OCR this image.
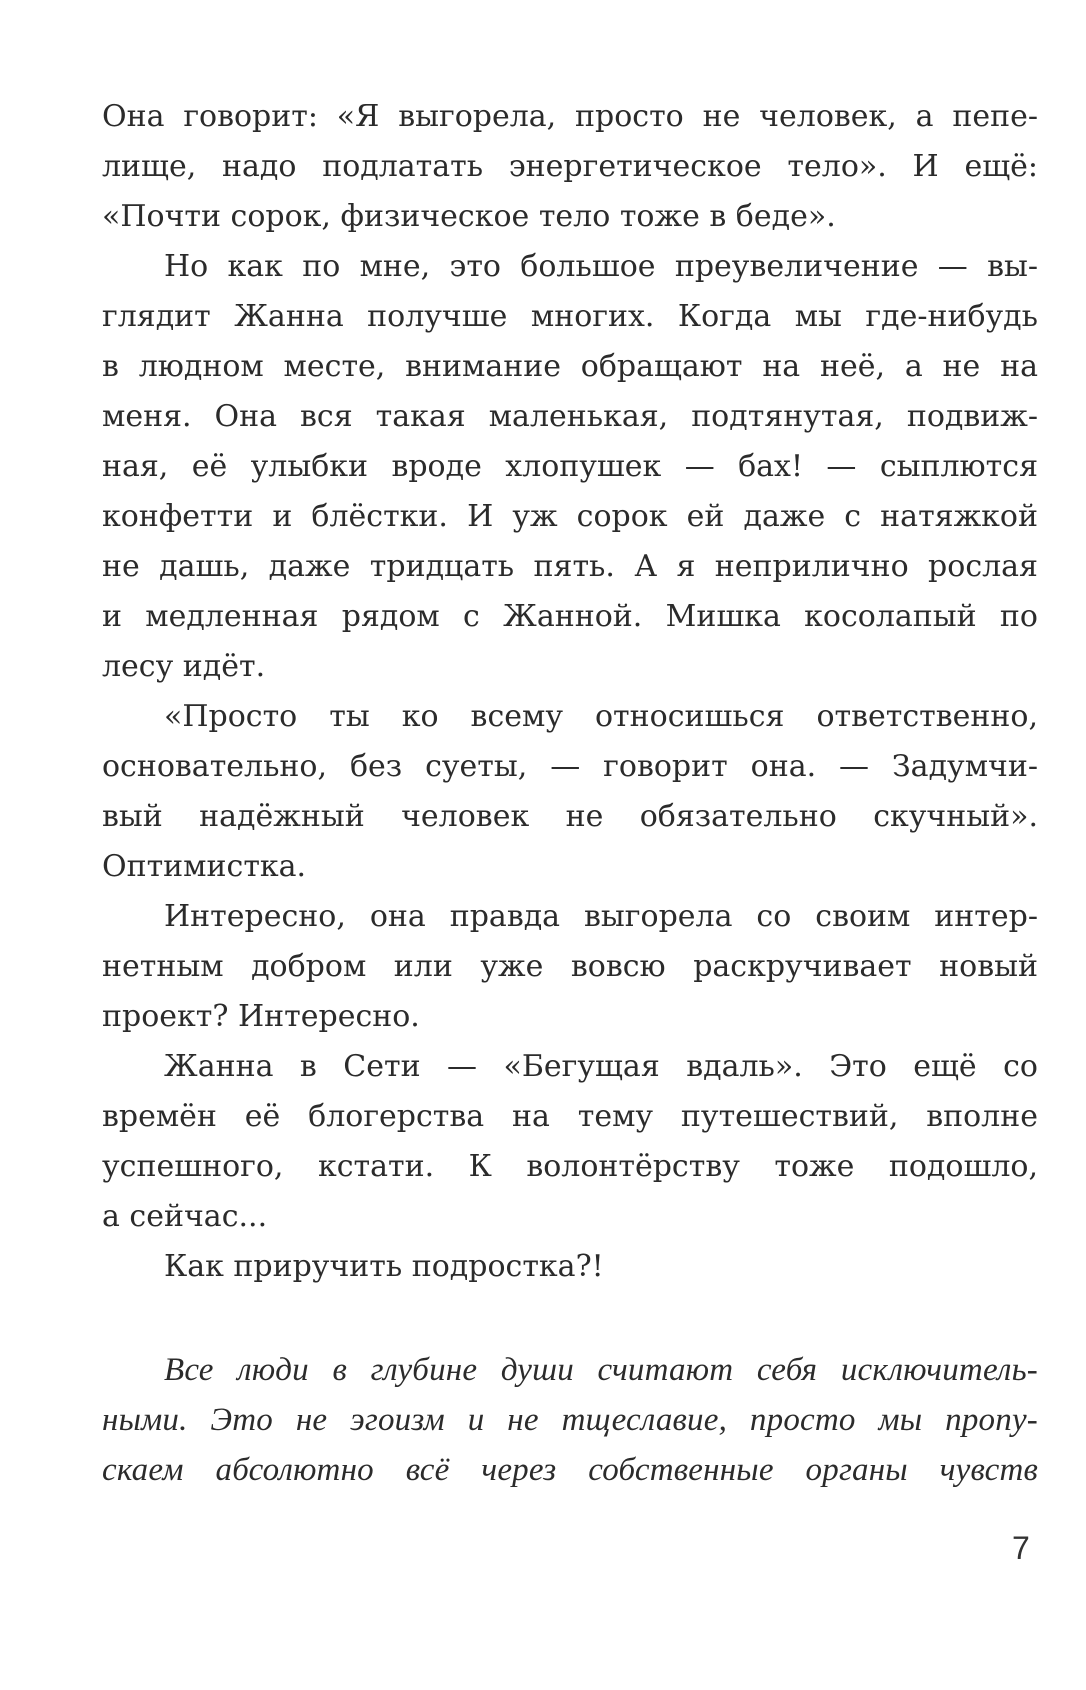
Она говорит: «Я выгорела, просто не человек, а пепе-
лище, надо подлатать энергетическое тело». И ещё:
«Почти сорок, физическое тело тоже в беде».
Но как по мне, это большое преувеличение — вы-
глядит Жанна получше многих. Когда мы где-нибудь
в людном месте, внимание обращают на неё, а не на
меня. Она вся такая маленькая, подтянутая, подвиж-
ная, её улыбки вроде хлопушек — бах! — сыплются
конфетти и блёстки. И уж сорок ей даже с натяжкой
не дашь, даже тридцать пять. А я неприлично рослая
и медленная рядом с Жанной. Мишка косолапый по
лесу идёт.
«Просто ты ко всему относишься ответственно,
основательно, без суеты, — говорит она. — Задумчи-
вый надёжный человек не обязательно скучный».
Оптимистка.
Интересно, она правда выгорела со своим интер-
нетным добром или уже вовсю раскручивает новый
проект? Интересно.
Жанна в Сети — «Бегущая вдаль». Это ещё со
времён её блогерства на тему путешествий, вполне
успешного, кстати. К волонтёрству тоже подошло,
а сейчас...
Как приручить подростка?!
Все люди в глубине души считают себя исключитель-
ными. Это не эгоизм и не тщеславие, просто мы пропу-
скаем абсолютно всё через собственные органы чувств
7
